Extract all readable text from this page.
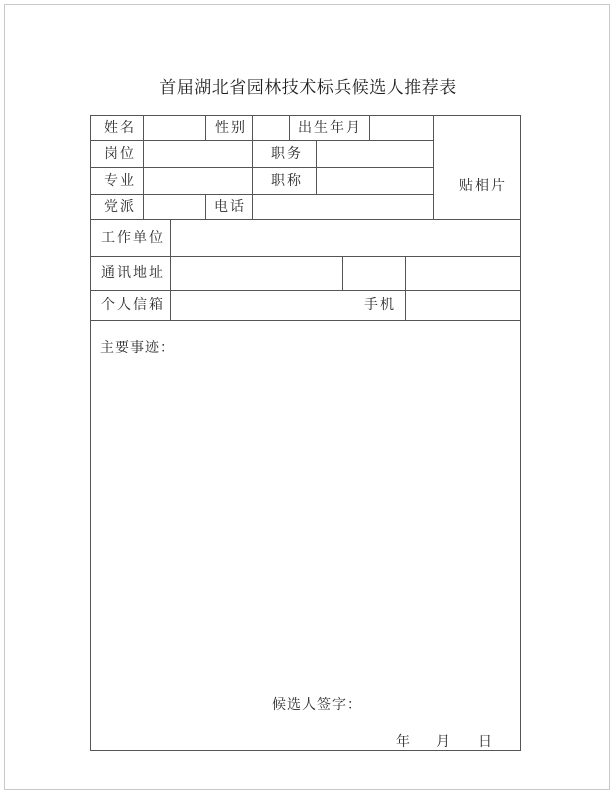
首届湖北省园林技术标兵候选人推荐表
姓名	性别	出生年月
岗位	职务
专业	职称
党派	电话
贴相片
工作单位
通讯地址
个人信箱	手机
主要事迹：
候选人签字：
年 月 日
